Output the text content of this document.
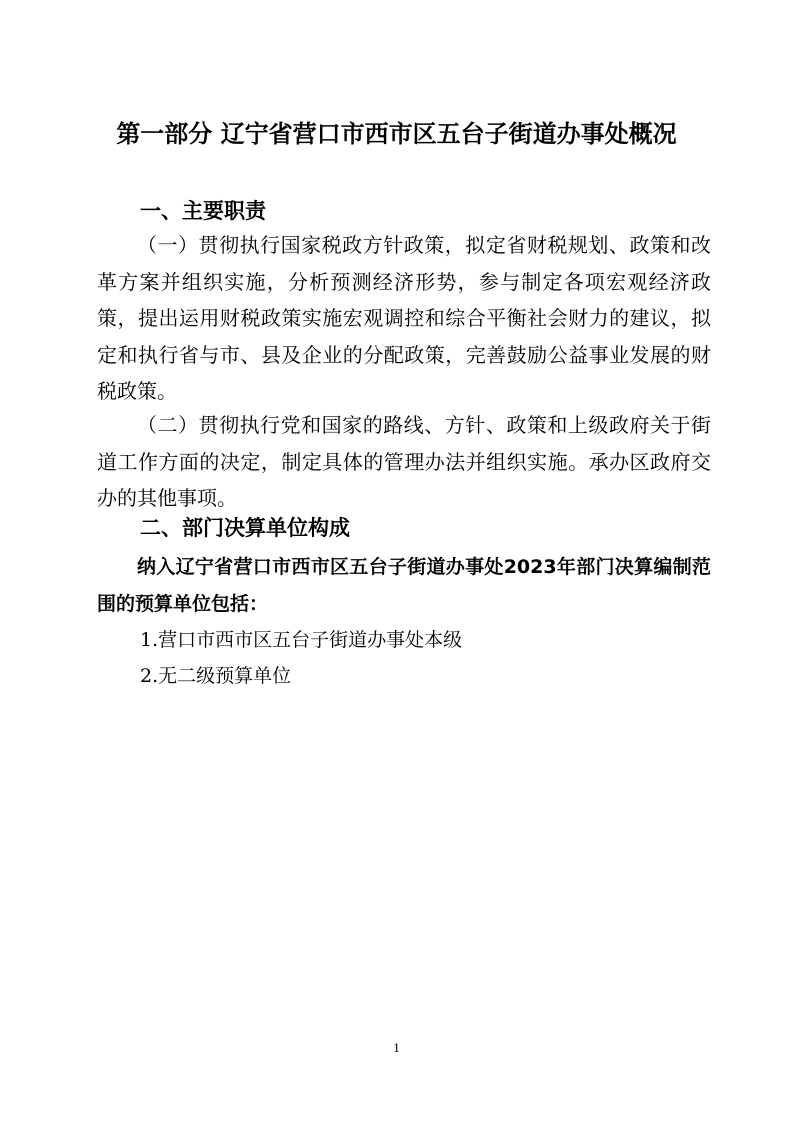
第一部分 辽宁省营口市西市区五台子街道办事处概况
一、主要职责

（一）贯彻执行国家税政方针政策，拟定省财税规划、政策和改革方案并组织实施，分析预测经济形势，参与制定各项宏观经济政策，提出运用财税政策实施宏观调控和综合平衡社会财力的建议，拟定和执行省与市、县及企业的分配政策，完善鼓励公益事业发展的财税政策。

（二）贯彻执行党和国家的路线、方针、政策和上级政府关于街道工作方面的决定，制定具体的管理办法并组织实施。承办区政府交办的其他事项。

二、部门决算单位构成

纳入辽宁省营口市西市区五台子街道办事处2023年部门决算编制范围的预算单位包括：

1.营口市西市区五台子街道办事处本级

2.无二级预算单位

1
